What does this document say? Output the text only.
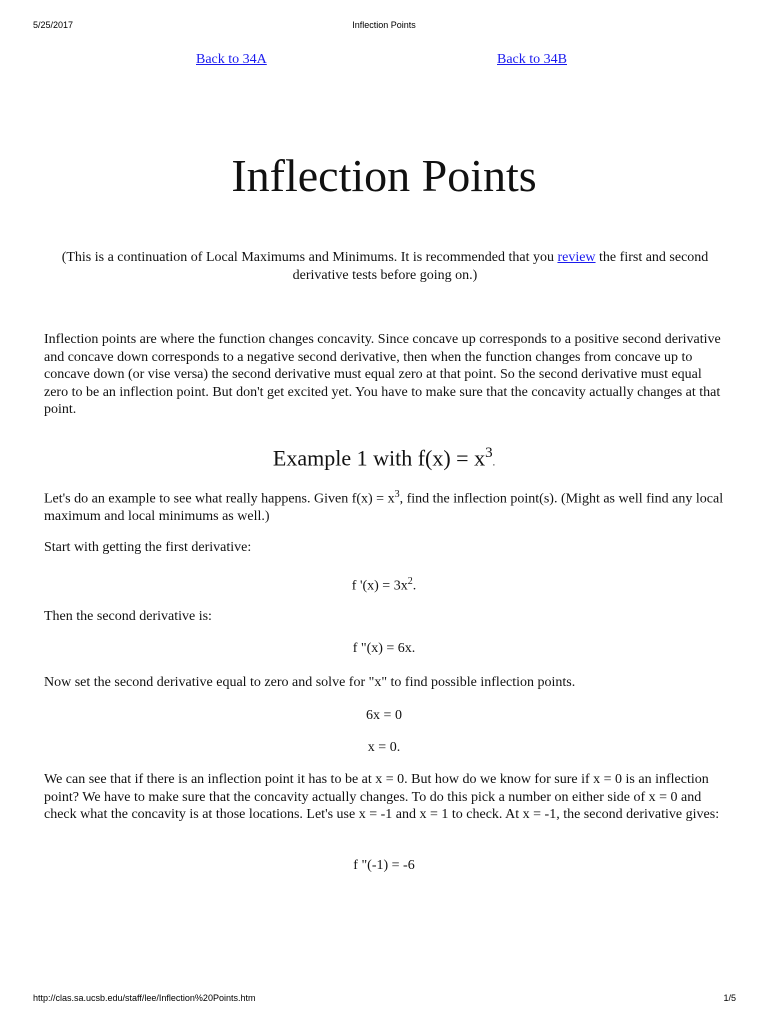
5/25/2017	Inflection Points
Back to 34A	Back to 34B
Inflection Points
(This is a continuation of Local Maximums and Minimums. It is recommended that you review the first and second derivative tests before going on.)
Inflection points are where the function changes concavity. Since concave up corresponds to a positive second derivative and concave down corresponds to a negative second derivative, then when the function changes from concave up to concave down (or vise versa) the second derivative must equal zero at that point. So the second derivative must equal zero to be an inflection point. But don't get excited yet. You have to make sure that the concavity actually changes at that point.
Example 1 with $f(x) = x^3$.
Let's do an example to see what really happens. Given $f(x) = x^3$, find the inflection point(s). (Might as well find any local maximum and local minimums as well.)
Start with getting the first derivative:
f '$(x) = 3x^2$.
Then the second derivative is:
f "(x) = 6x.
Now set the second derivative equal to zero and solve for "x" to find possible inflection points.
6x = 0
x = 0.
We can see that if there is an inflection point it has to be at x = 0. But how do we know for sure if x = 0 is an inflection point? We have to make sure that the concavity actually changes. To do this pick a number on either side of x = 0 and check what the concavity is at those locations. Let's use x = -1 and x = 1 to check. At x = -1, the second derivative gives:
f "(-1) = -6
http://clas.sa.ucsb.edu/staff/lee/Inflection%20Points.htm	1/5
